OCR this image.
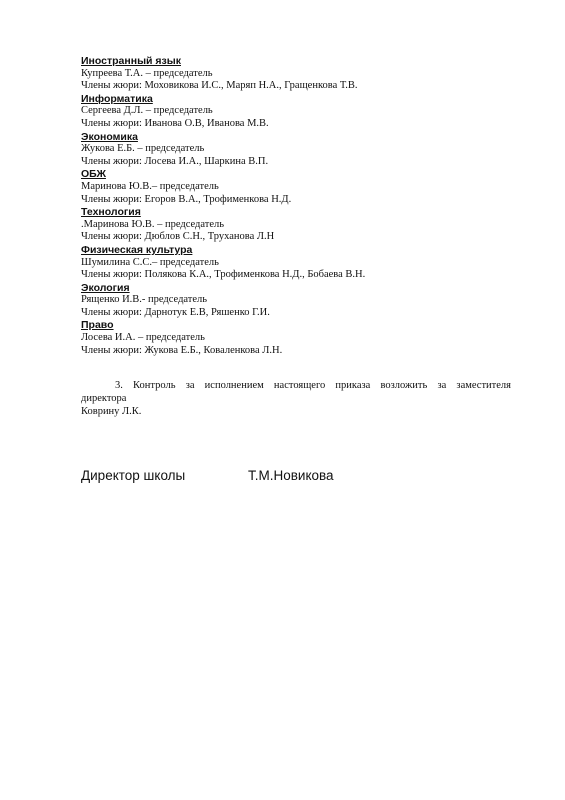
Иностранный язык
Купреева Т.А. – председатель
Члены жюри: Моховикова И.С., Маряп Н.А., Гращенкова Т.В.
Информатика
Сергеева Д.Л. – председатель
Члены жюри: Иванова О.В, Иванова М.В.
Экономика
Жукова Е.Б. – председатель
Члены жюри: Лосева И.А., Шаркина В.П.
ОБЖ
Маринова Ю.В.– председатель
Члены жюри: Егоров В.А., Трофименкова Н.Д.
Технология
.Маринова Ю.В. – председатель
Члены жюри: Дюблов С.Н., Труханова Л.Н
Физическая культура
Шумилина С.С.– председатель
Члены жюри: Полякова К.А., Трофименкова Н.Д., Бобаева В.Н.
Экология
Рященко И.В.- председатель
Члены жюри: Дарнотук Е.В, Ряшенко Г.И.
Право
Лосева И.А. – председатель
Члены жюри: Жукова Е.Б., Коваленкова Л.Н.
3. Контроль за исполнением настоящего приказа возложить за заместителя
директора
Коврину Л.К.
Директор школы	Т.М.Новикова
